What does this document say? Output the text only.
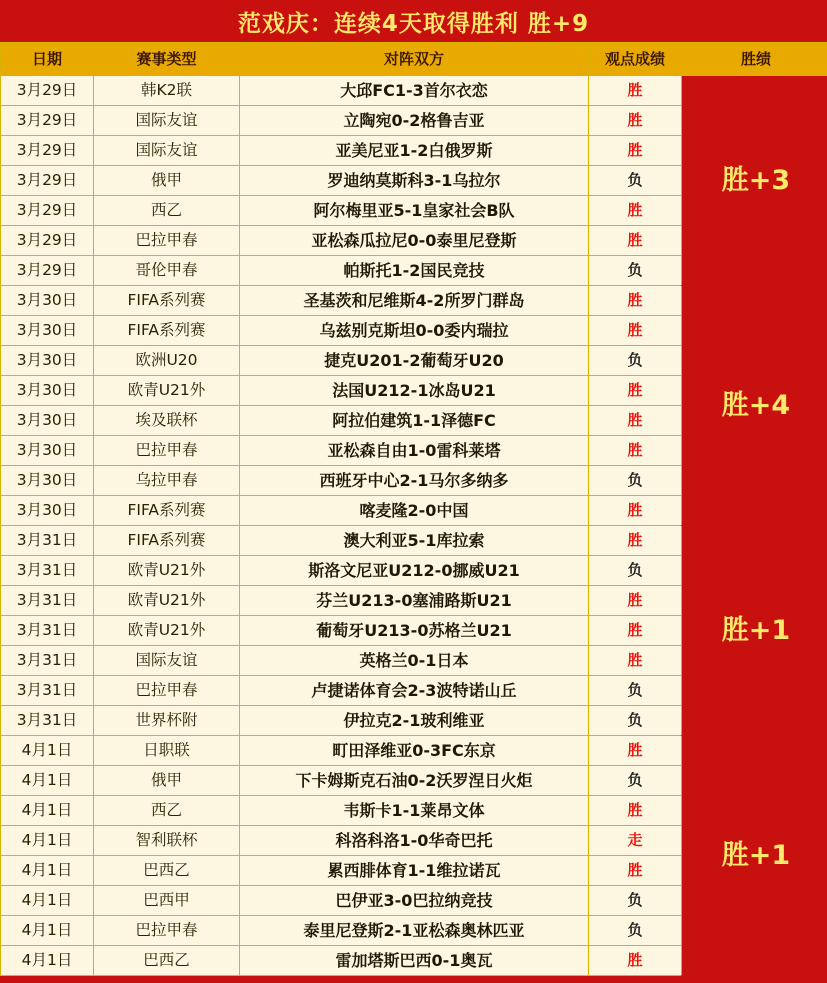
范戏庆：连续4天取得胜利 胜+9
日期	赛事类型	对阵双方	观点成绩	胜绩
3月29日	韩K2联	大邱FC1-3首尔衣恋	胜	胜+3
3月29日	国际友谊	立陶宛0-2格鲁吉亚	胜	
3月29日	国际友谊	亚美尼亚1-2白俄罗斯	胜	
3月29日	俄甲	罗迪纳莫斯科3-1乌拉尔	负	
3月29日	西乙	阿尔梅里亚5-1皇家社会B队	胜	
3月29日	巴拉甲春	亚松森瓜拉尼0-0泰里尼登斯	胜	
3月29日	哥伦甲春	帕斯托1-2国民竞技	负	
3月30日	FIFA系列赛	圣基茨和尼维斯4-2所罗门群岛	胜	胜+4
3月30日	FIFA系列赛	乌兹别克斯坦0-0委内瑞拉	胜	
3月30日	欧洲U20	捷克U201-2葡萄牙U20	负	
3月30日	欧青U21外	法国U212-1冰岛U21	胜	
3月30日	埃及联杯	阿拉伯建筑1-1泽德FC	胜	
3月30日	巴拉甲春	亚松森自由1-0雷科莱塔	胜	
3月30日	乌拉甲春	西班牙中心2-1马尔多纳多	负	
3月30日	FIFA系列赛	喀麦隆2-0中国	胜	
3月31日	FIFA系列赛	澳大利亚5-1库拉索	胜	胜+1
3月31日	欧青U21外	斯洛文尼亚U212-0挪威U21	负	
3月31日	欧青U21外	芬兰U213-0塞浦路斯U21	胜	
3月31日	欧青U21外	葡萄牙U213-0苏格兰U21	胜	
3月31日	国际友谊	英格兰0-1日本	胜	
3月31日	巴拉甲春	卢捷诺体育会2-3波特诺山丘	负	
3月31日	世界杯附	伊拉克2-1玻利维亚	负	
4月1日	日职联	町田泽维亚0-3FC东京	胜	胜+1
4月1日	俄甲	下卡姆斯克石油0-2沃罗涅日火炬	负	
4月1日	西乙	韦斯卡1-1莱昂文体	胜	
4月1日	智利联杯	科洛科洛1-0华奇巴托	走	
4月1日	巴西乙	累西腓体育1-1维拉诺瓦	胜	
4月1日	巴西甲	巴伊亚3-0巴拉纳竞技	负	
4月1日	巴拉甲春	泰里尼登斯2-1亚松森奥林匹亚	负	
4月1日	巴西乙	雷加塔斯巴西0-1奥瓦	胜	
